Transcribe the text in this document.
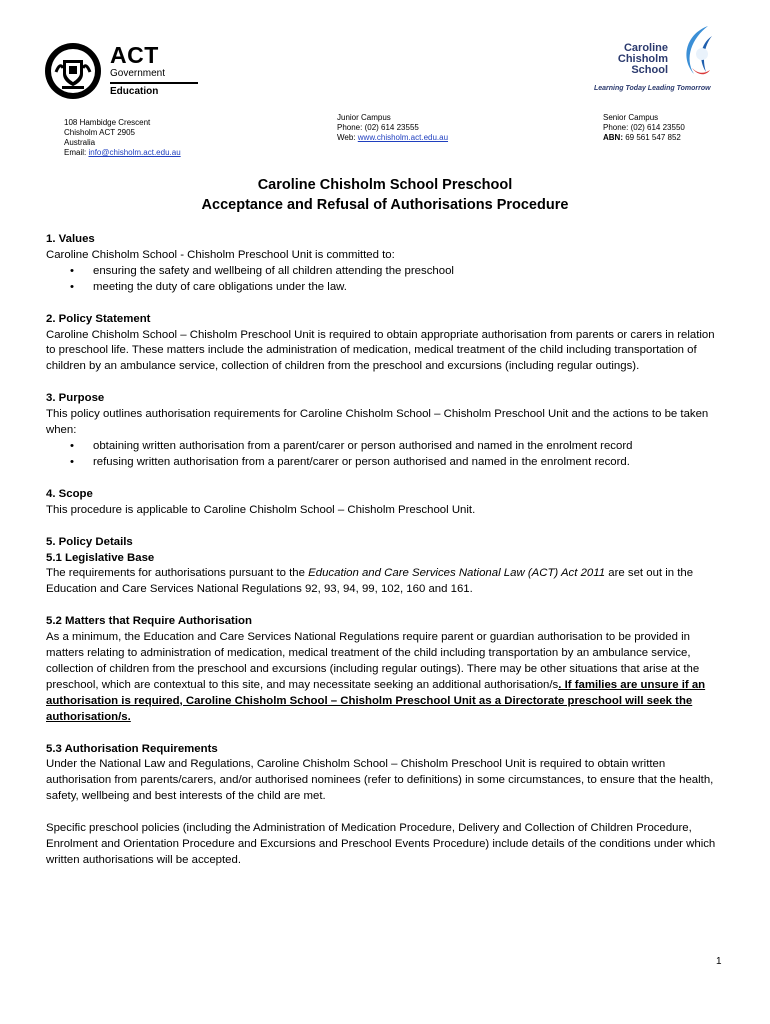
ACT
Government
Education
Caroline
Chisholm
School
Learning Today Leading Tomorrow
108 Hambidge Crescent
Chisholm ACT 2905
Australia
Email: info@chisholm.act.edu.au
Junior Campus
Phone: (02) 614 23555
Web: www.chisholm.act.edu.au
Senior Campus
Phone: (02) 614 23550
ABN: 69 561 547 852
Caroline Chisholm School Preschool
Acceptance and Refusal of Authorisations Procedure

1. Values

Caroline Chisholm School - Chisholm Preschool Unit is committed to:

• ensuring the safety and wellbeing of all children attending the preschool
• meeting the duty of care obligations under the law.

2. Policy Statement

Caroline Chisholm School – Chisholm Preschool Unit is required to obtain appropriate authorisation from parents or carers in relation to preschool life. These matters include the administration of medication, medical treatment of the child including transportation of children by an ambulance service, collection of children from the preschool and excursions (including regular outings).

3. Purpose

This policy outlines authorisation requirements for Caroline Chisholm School – Chisholm Preschool Unit and the actions to be taken when:

• obtaining written authorisation from a parent/carer or person authorised and named in the enrolment record
• refusing written authorisation from a parent/carer or person authorised and named in the enrolment record.

4. Scope

This procedure is applicable to Caroline Chisholm School – Chisholm Preschool Unit.

5. Policy Details

5.1 Legislative Base

The requirements for authorisations pursuant to the Education and Care Services National Law (ACT) Act 2011 are set out in the Education and Care Services National Regulations 92, 93, 94, 99, 102, 160 and 161.

5.2 Matters that Require Authorisation

As a minimum, the Education and Care Services National Regulations require parent or guardian authorisation to be provided in matters relating to administration of medication, medical treatment of the child including transportation by an ambulance service, collection of children from the preschool and excursions (including regular outings). There may be other situations that arise at the preschool, which are contextual to this site, and may necessitate seeking an additional authorisation/s. If families are unsure if an authorisation is required, Caroline Chisholm School – Chisholm Preschool Unit as a Directorate preschool will seek the authorisation/s.

5.3 Authorisation Requirements

Under the National Law and Regulations, Caroline Chisholm School – Chisholm Preschool Unit is required to obtain written authorisation from parents/carers, and/or authorised nominees (refer to definitions) in some circumstances, to ensure that the health, safety, wellbeing and best interests of the child are met.

Specific preschool policies (including the Administration of Medication Procedure, Delivery and Collection of Children Procedure, Enrolment and Orientation Procedure and Excursions and Preschool Events Procedure) include details of the conditions under which written authorisations will be accepted.

1
